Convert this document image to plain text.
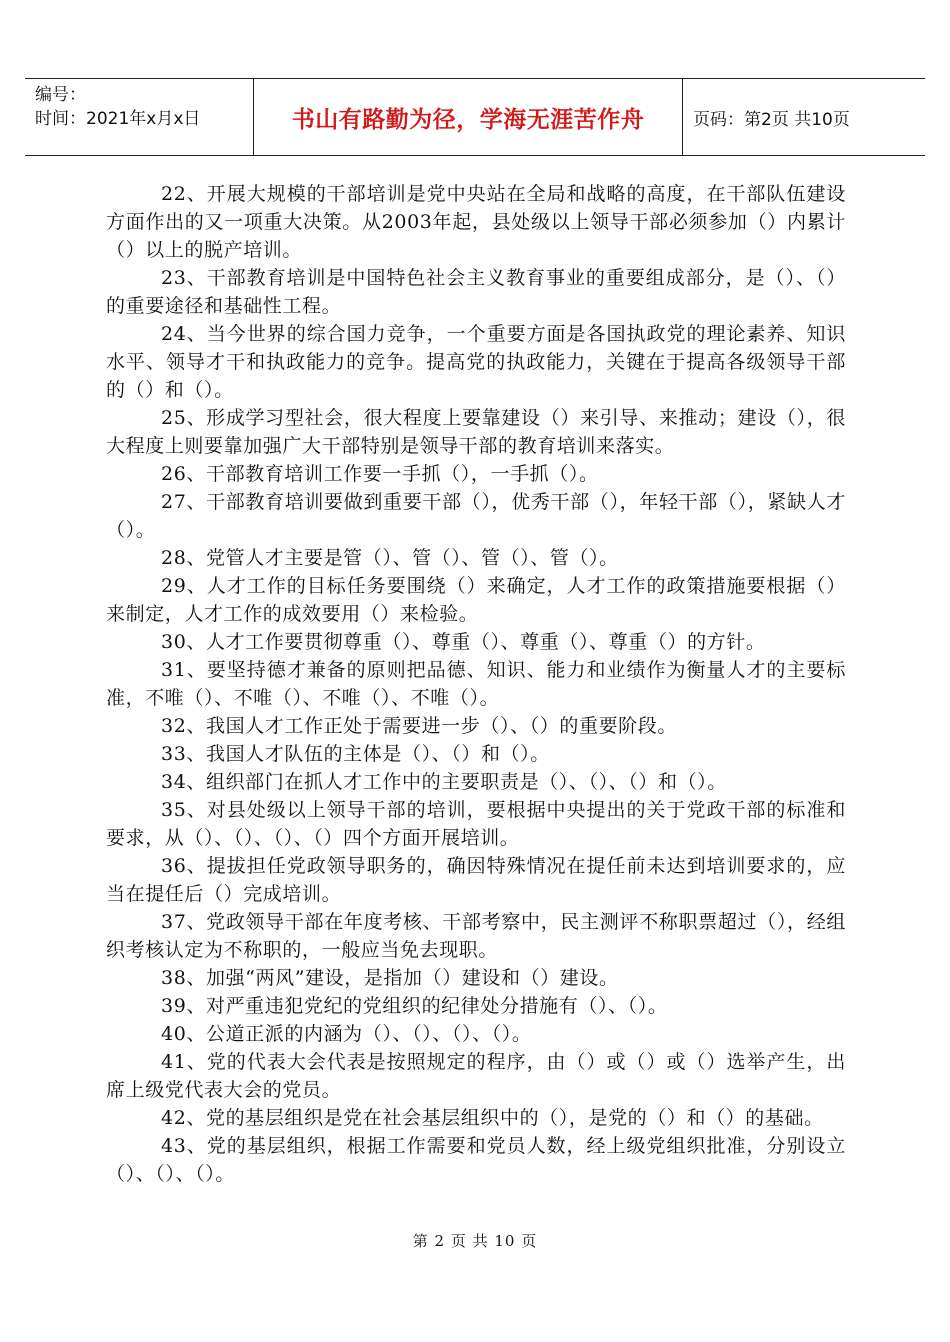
编号：
时间：2021年x月x日	书山有路勤为径，学海无涯苦作舟	页码：第2页 共10页

22、开展大规模的干部培训是党中央站在全局和战略的高度，在干部队伍建设方面作出的又一项重大决策。从2003年起，县处级以上领导干部必须参加（）内累计（）以上的脱产培训。

23、干部教育培训是中国特色社会主义教育事业的重要组成部分，是（）、（）的重要途径和基础性工程。

24、当今世界的综合国力竞争，一个重要方面是各国执政党的理论素养、知识水平、领导才干和执政能力的竞争。提高党的执政能力，关键在于提高各级领导干部的（）和（）。

25、形成学习型社会，很大程度上要靠建设（）来引导、来推动；建设（），很大程度上则要靠加强广大干部特别是领导干部的教育培训来落实。

26、干部教育培训工作要一手抓（），一手抓（）。

27、干部教育培训要做到重要干部（），优秀干部（），年轻干部（），紧缺人才（）。

28、党管人才主要是管（）、管（）、管（）、管（）。

29、人才工作的目标任务要围绕（）来确定，人才工作的政策措施要根据（）来制定，人才工作的成效要用（）来检验。

30、人才工作要贯彻尊重（）、尊重（）、尊重（）、尊重（）的方针。

31、要坚持德才兼备的原则把品德、知识、能力和业绩作为衡量人才的主要标准，不唯（）、不唯（）、不唯（）、不唯（）。

32、我国人才工作正处于需要进一步（）、（）的重要阶段。

33、我国人才队伍的主体是（）、（）和（）。

34、组织部门在抓人才工作中的主要职责是（）、（）、（）和（）。

35、对县处级以上领导干部的培训，要根据中央提出的关于党政干部的标准和要求，从（）、（）、（）、（）四个方面开展培训。

36、提拔担任党政领导职务的，确因特殊情况在提任前未达到培训要求的，应当在提任后（）完成培训。

37、党政领导干部在年度考核、干部考察中，民主测评不称职票超过（），经组织考核认定为不称职的，一般应当免去现职。

38、加强“两风”建设，是指加（）建设和（）建设。

39、对严重违犯党纪的党组织的纪律处分措施有（）、（）。

40、公道正派的内涵为（）、（）、（）、（）。

41、党的代表大会代表是按照规定的程序，由（）或（）或（）选举产生，出席上级党代表大会的党员。

42、党的基层组织是党在社会基层组织中的（），是党的（）和（）的基础。

43、党的基层组织，根据工作需要和党员人数，经上级党组织批准，分别设立（）、（）、（）。

第 2 页 共 10 页
